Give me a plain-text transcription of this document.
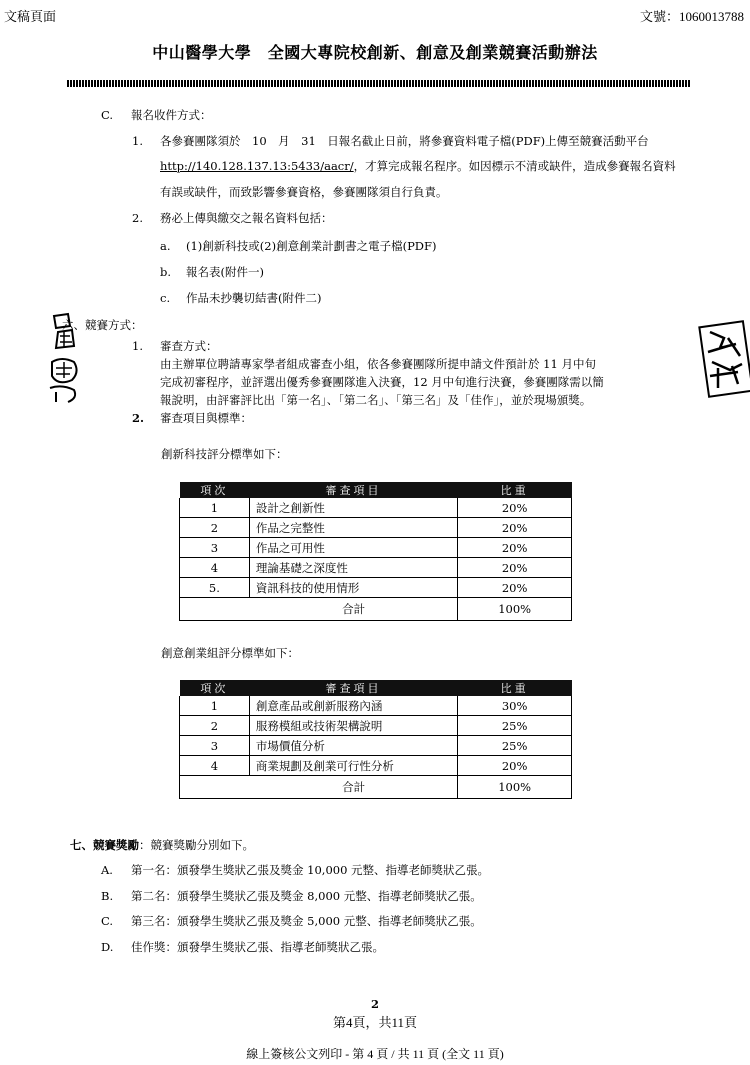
文稿頁面	文號：1060013788
中山醫學大學　全國大專院校創新、創意及創業競賽活動辦法
C. 報名收件方式：
1. 各參賽團隊須於　10　月　31　日報名截止日前，將參賽資料電子檔(PDF)上傳至競賽活動平台
http://140.128.137.13:5433/aacr/，才算完成報名程序。如因標示不清或缺件，造成參賽報名資料
有誤或缺件，而致影響參賽資格，參賽團隊須自行負責。
2. 務必上傳與繳交之報名資料包括：
a. (1)創新科技或(2)創意創業計劃書之電子檔(PDF)
b. 報名表(附件一)
c. 作品未抄襲切結書(附件二)
六、競賽方式：
1. 審查方式：
由主辦單位聘請專家學者組成審查小組，依各參賽團隊所提申請文件預計於 11 月中旬
完成初審程序，並評選出優秀參賽團隊進入決賽，12 月中旬進行決賽，參賽團隊需以簡
報說明，由評審評比出「第一名」、「第二名」、「第三名」及「佳作」，並於現場頒獎。
2. 審查項目與標準：
創新科技評分標準如下：
項次	審查項目	比重
1	設計之創新性	20%
2	作品之完整性	20%
3	作品之可用性	20%
4	理論基礎之深度性	20%
5.	資訊科技的使用情形	20%
合計		100%
創意創業組評分標準如下：
項次	審查項目	比重
1	創意產品或創新服務內涵	30%
2	服務模組或技術架構說明	25%
3	市場價值分析	25%
4	商業規劃及創業可行性分析	20%
合計		100%
七、競賽獎勵：競賽獎勵分別如下。
A. 第一名：頒發學生獎狀乙張及獎金 10,000 元整、指導老師獎狀乙張。
B. 第二名：頒發學生獎狀乙張及獎金 8,000 元整、指導老師獎狀乙張。
C. 第三名：頒發學生獎狀乙張及獎金 5,000 元整、指導老師獎狀乙張。
D. 佳作獎：頒發學生獎狀乙張、指導老師獎狀乙張。
2
第4頁，共11頁
線上簽核公文列印 - 第 4 頁 / 共 11 頁 (全文 11 頁)
